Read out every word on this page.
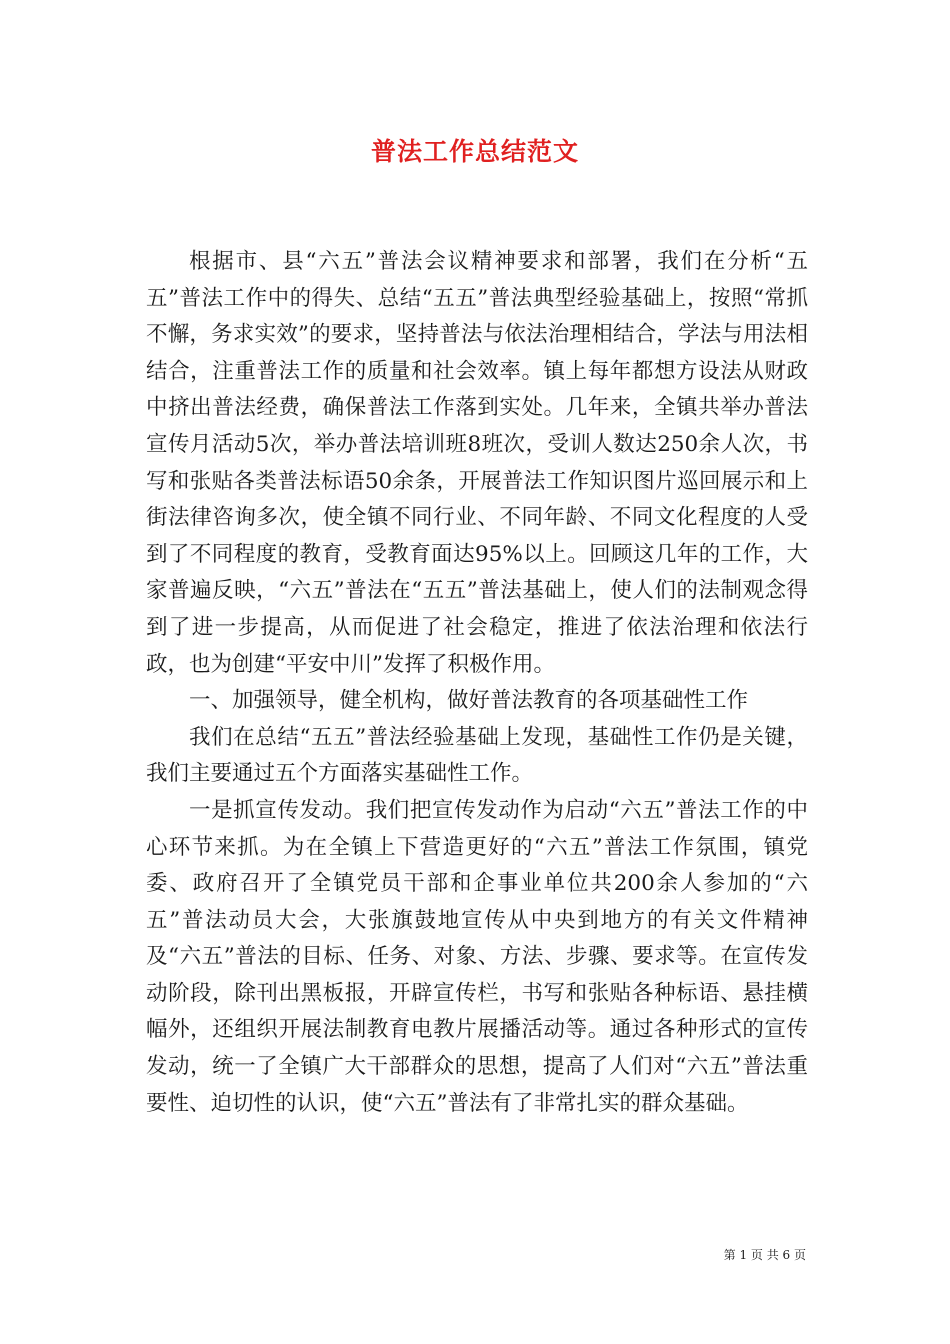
普法工作总结范文

根据市、县“六五”普法会议精神要求和部署，我们在分析“五五”普法工作中的得失、总结“五五”普法典型经验基础上，按照“常抓不懈，务求实效”的要求，坚持普法与依法治理相结合，学法与用法相结合，注重普法工作的质量和社会效率。镇上每年都想方设法从财政中挤出普法经费，确保普法工作落到实处。几年来，全镇共举办普法宣传月活动5次，举办普法培训班8班次，受训人数达250余人次，书写和张贴各类普法标语50余条，开展普法工作知识图片巡回展示和上街法律咨询多次，使全镇不同行业、不同年龄、不同文化程度的人受到了不同程度的教育，受教育面达95%以上。回顾这几年的工作，大家普遍反映，“六五”普法在“五五”普法基础上，使人们的法制观念得到了进一步提高，从而促进了社会稳定，推进了依法治理和依法行政，也为创建“平安中川”发挥了积极作用。

一、加强领导，健全机构，做好普法教育的各项基础性工作

我们在总结“五五”普法经验基础上发现，基础性工作仍是关键，我们主要通过五个方面落实基础性工作。

一是抓宣传发动。我们把宣传发动作为启动“六五”普法工作的中心环节来抓。为在全镇上下营造更好的“六五”普法工作氛围，镇党委、政府召开了全镇党员干部和企事业单位共200余人参加的“六五”普法动员大会，大张旗鼓地宣传从中央到地方的有关文件精神及“六五”普法的目标、任务、对象、方法、步骤、要求等。在宣传发动阶段，除刊出黑板报，开辟宣传栏，书写和张贴各种标语、悬挂横幅外，还组织开展法制教育电教片展播活动等。通过各种形式的宣传发动，统一了全镇广大干部群众的思想，提高了人们对“六五”普法重要性、迫切性的认识，使“六五”普法有了非常扎实的群众基础。

第 1 页 共 6 页
